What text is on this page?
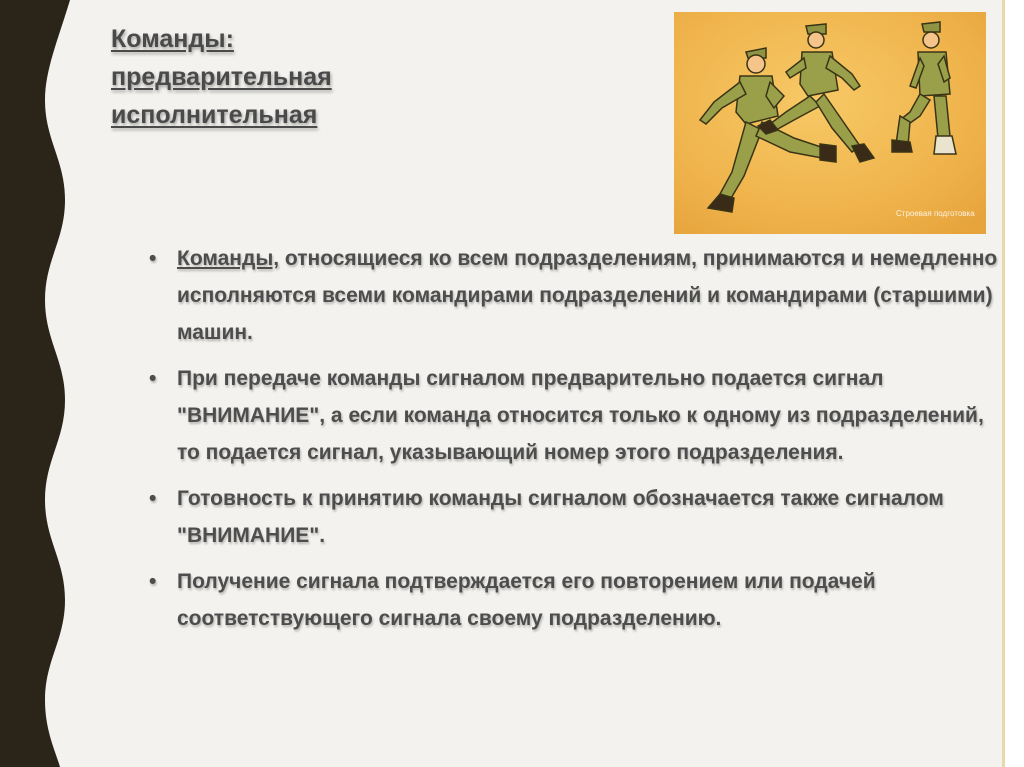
Команды:
предварительная
исполнительная
Строевая подготовка
• Команды, относящиеся ко всем подразделениям, принимаются и немедленно исполняются всеми командирами подразделений и командирами (старшими) машин.
• При передаче команды сигналом предварительно подается сигнал "ВНИМАНИЕ", а если команда относится только к одному из подразделений, то подается сигнал, указывающий номер этого подразделения.
• Готовность к принятию команды сигналом обозначается также сигналом "ВНИМАНИЕ".
• Получение сигнала подтверждается его повторением или подачей соответствующего сигнала своему подразделению.
